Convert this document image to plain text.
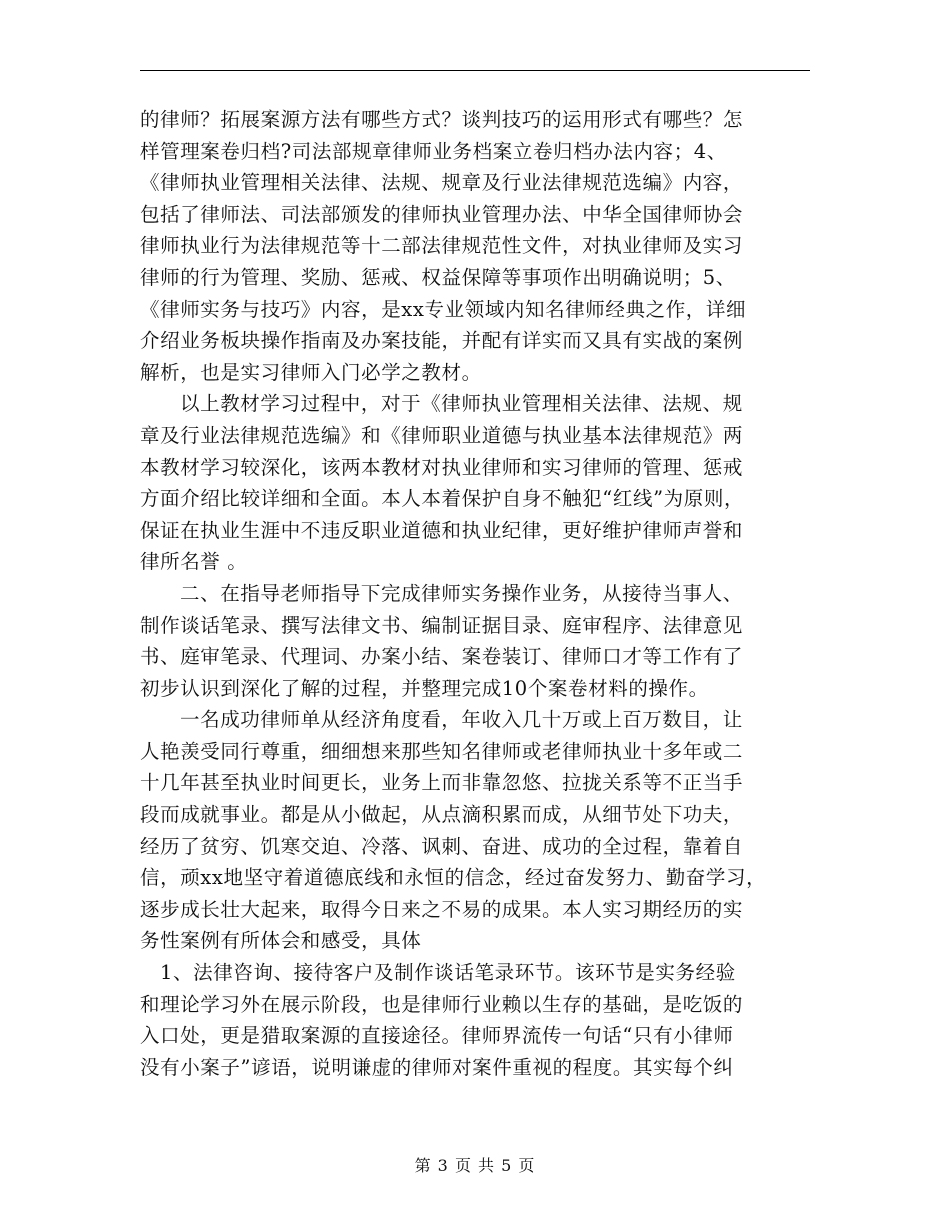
的律师？拓展案源方法有哪些方式？谈判技巧的运用形式有哪些？怎
样管理案卷归档?司法部规章律师业务档案立卷归档办法内容；4、
《律师执业管理相关法律、法规、规章及行业法律规范选编》内容，
包括了律师法、司法部颁发的律师执业管理办法、中华全国律师协会
律师执业行为法律规范等十二部法律规范性文件，对执业律师及实习
律师的行为管理、奖励、惩戒、权益保障等事项作出明确说明；5、
《律师实务与技巧》内容，是xx专业领域内知名律师经典之作，详细
介绍业务板块操作指南及办案技能，并配有详实而又具有实战的案例
解析，也是实习律师入门必学之教材。
以上教材学习过程中，对于《律师执业管理相关法律、法规、规
章及行业法律规范选编》和《律师职业道德与执业基本法律规范》两
本教材学习较深化，该两本教材对执业律师和实习律师的管理、惩戒
方面介绍比较详细和全面。本人本着保护自身不触犯“红线”为原则，
保证在执业生涯中不违反职业道德和执业纪律，更好维护律师声誉和
律所名誉 。
二、在指导老师指导下完成律师实务操作业务，从接待当事人、
制作谈话笔录、撰写法律文书、编制证据目录、庭审程序、法律意见
书、庭审笔录、代理词、办案小结、案卷装订、律师口才等工作有了
初步认识到深化了解的过程，并整理完成10个案卷材料的操作。
一名成功律师单从经济角度看，年收入几十万或上百万数目，让
人艳羡受同行尊重，细细想来那些知名律师或老律师执业十多年或二
十几年甚至执业时间更长，业务上而非靠忽悠、拉拢关系等不正当手
段而成就事业。都是从小做起，从点滴积累而成，从细节处下功夫，
经历了贫穷、饥寒交迫、冷落、讽刺、奋进、成功的全过程，靠着自
信，顽xx地坚守着道德底线和永恒的信念，经过奋发努力、勤奋学习，
逐步成长壮大起来，取得今日来之不易的成果。本人实习期经历的实
务性案例有所体会和感受，具体
1、法律咨询、接待客户及制作谈话笔录环节。该环节是实务经验
和理论学习外在展示阶段，也是律师行业赖以生存的基础，是吃饭的
入口处，更是猎取案源的直接途径。律师界流传一句话“只有小律师
没有小案子”谚语，说明谦虚的律师对案件重视的程度。其实每个纠
第 3 页 共 5 页
